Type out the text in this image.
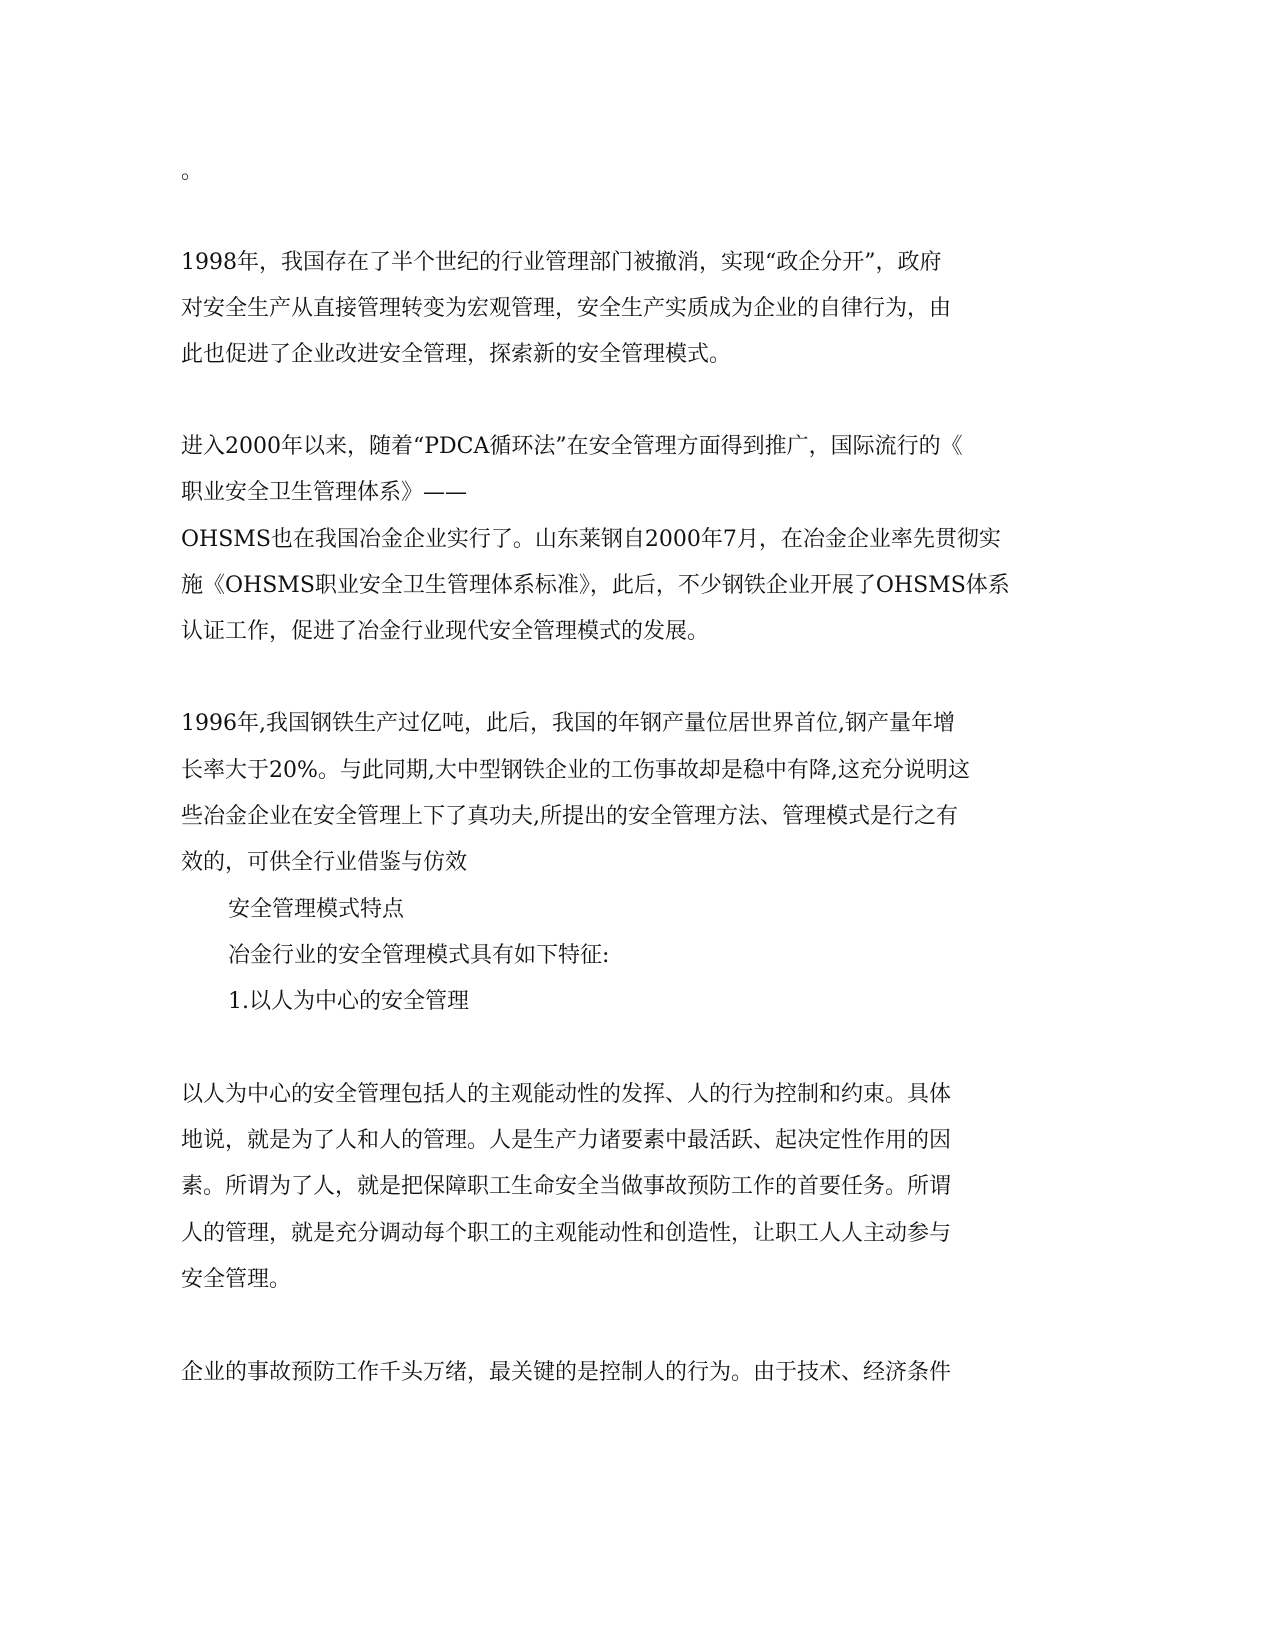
。
1998年，我国存在了半个世纪的行业管理部门被撤消，实现“政企分开”，政府
对安全生产从直接管理转变为宏观管理，安全生产实质成为企业的自律行为，由
此也促进了企业改进安全管理，探索新的安全管理模式。
进入2000年以来，随着“PDCA循环法”在安全管理方面得到推广，国际流行的《
职业安全卫生管理体系》——
OHSMS也在我国冶金企业实行了。山东莱钢自2000年7月，在冶金企业率先贯彻实
施《OHSMS职业安全卫生管理体系标准》，此后，不少钢铁企业开展了OHSMS体系
认证工作，促进了冶金行业现代安全管理模式的发展。
1996年,我国钢铁生产过亿吨，此后，我国的年钢产量位居世界首位,钢产量年增
长率大于20%。与此同期,大中型钢铁企业的工伤事故却是稳中有降,这充分说明这
些冶金企业在安全管理上下了真功夫,所提出的安全管理方法、管理模式是行之有
效的，可供全行业借鉴与仿效
安全管理模式特点
冶金行业的安全管理模式具有如下特征:
1.以人为中心的安全管理
以人为中心的安全管理包括人的主观能动性的发挥、人的行为控制和约束。具体
地说，就是为了人和人的管理。人是生产力诸要素中最活跃、起决定性作用的因
素。所谓为了人，就是把保障职工生命安全当做事故预防工作的首要任务。所谓
人的管理，就是充分调动每个职工的主观能动性和创造性，让职工人人主动参与
安全管理。
企业的事故预防工作千头万绪，最关键的是控制人的行为。由于技术、经济条件
